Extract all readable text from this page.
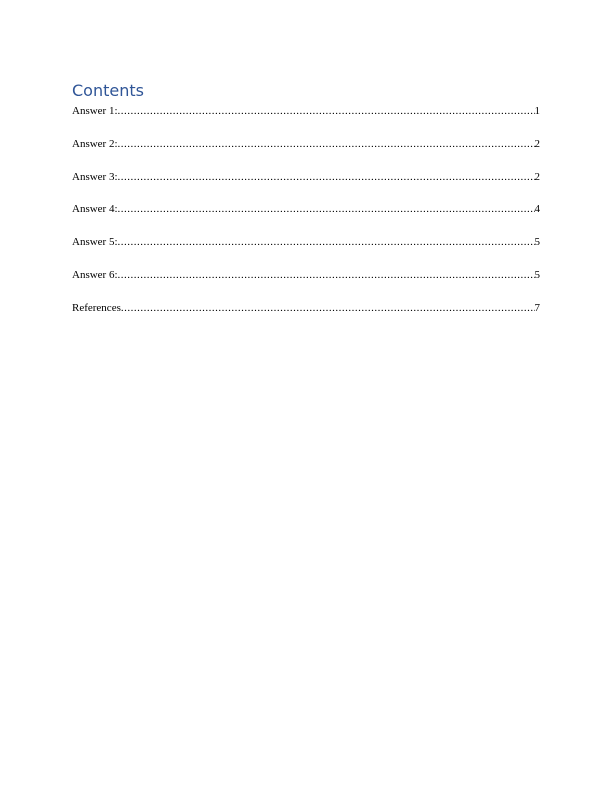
Contents
Answer 1: .....	1
Answer 2: .....	2
Answer 3: .....	2
Answer 4: .....	4
Answer 5: .....	5
Answer 6: .....	5
References .....	7
